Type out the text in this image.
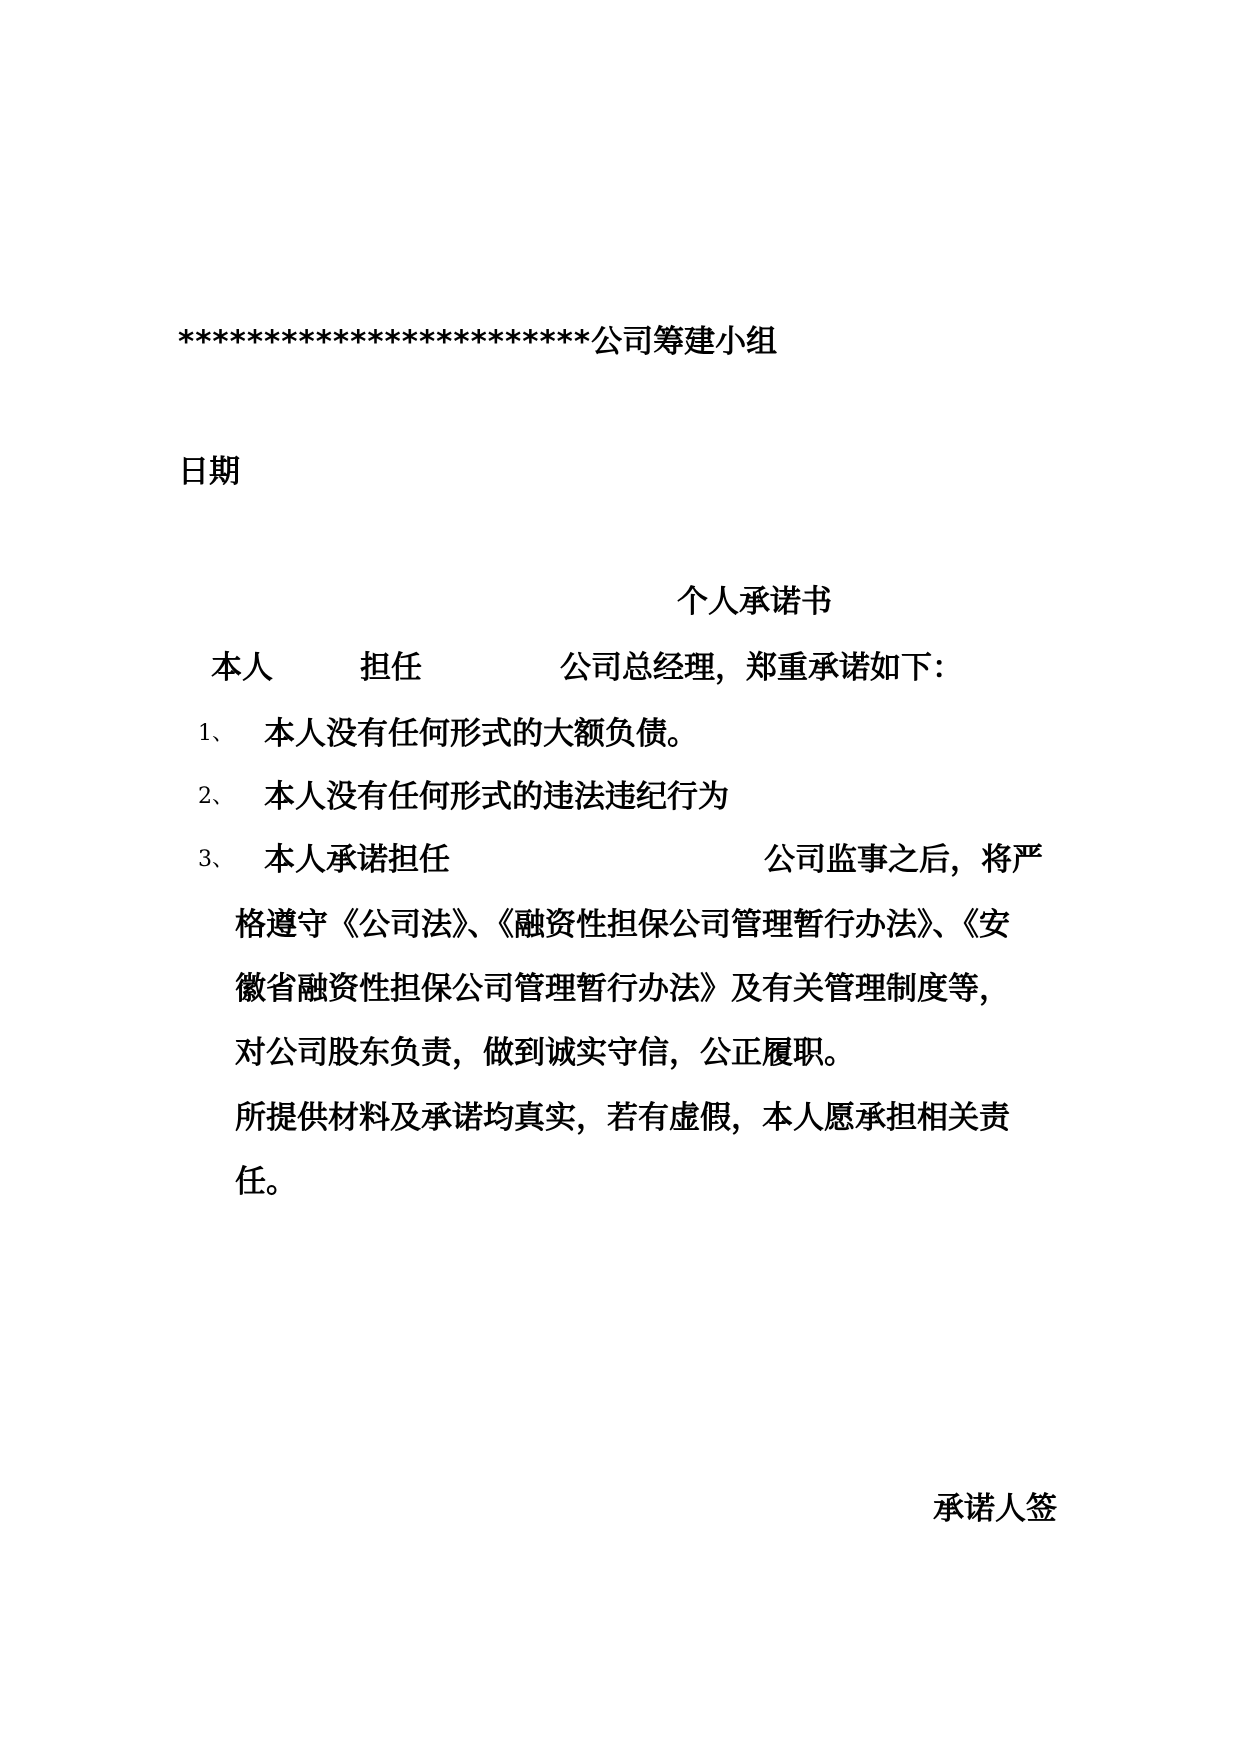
************************公司筹建小组
日期
个人承诺书
本人	担任	公司总经理，郑重承诺如下：
1、 本人没有任何形式的大额负债。
2、 本人没有任何形式的违法违纪行为
3、 本人承诺担任	公司监事之后，将严
格遵守《公司法》、《融资性担保公司管理暂行办法》、《安
徽省融资性担保公司管理暂行办法》及有关管理制度等，
对公司股东负责，做到诚实守信，公正履职。
所提供材料及承诺均真实，若有虚假，本人愿承担相关责
任。
承诺人签
